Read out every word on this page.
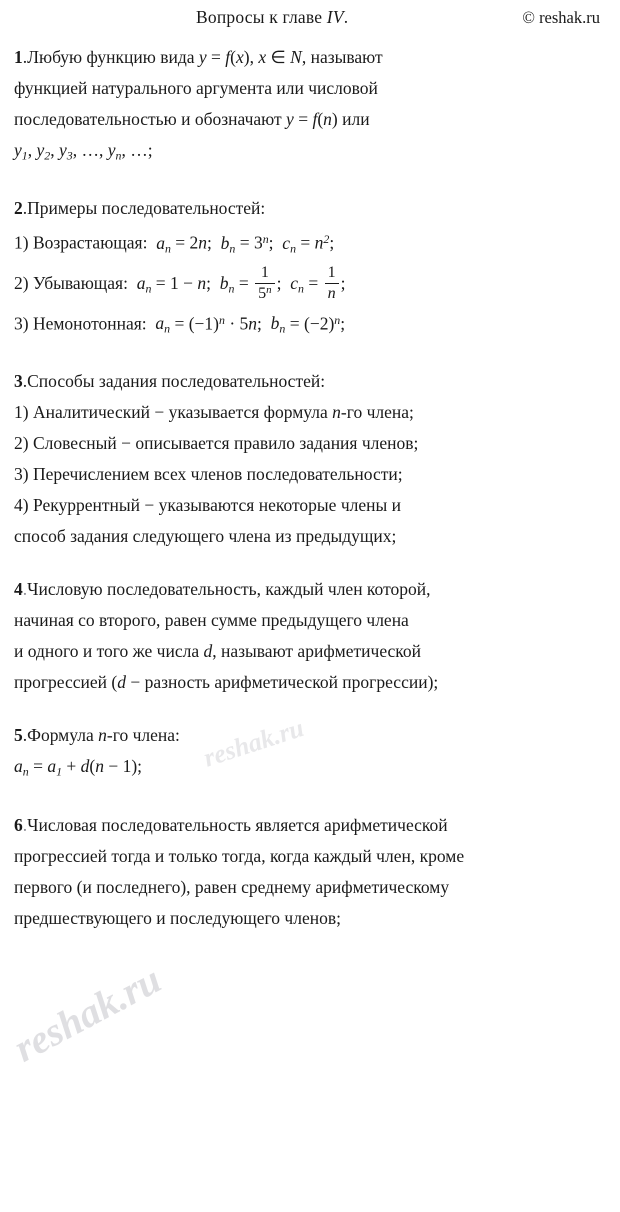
Вопросы к главе IV.	© reshak.ru
1.Любую функцию вида y = f(x), x ∈ N, называют
функцией натурального аргумента или числовой
последовательностью и обозначают y = f(n) или
$y_1$, $y_2$, $y_3$, …, $y_n$, …;
2.Примеры последовательностей:
1) Возрастающая: $a_n = 2n$;  $b_n = 3^n$;  $c_n = n^2$;
2) Убывающая: $a_n = 1 - n$;  $b_n = \frac{1}{5^n}$ ;  $c_n = \frac{1}{n}$ ;
3) Немонотонная: $a_n = (-1)^n \cdot 5n$;  $b_n = (-2)^n$;
3.Способы задания последовательностей:
1) Аналитический − указывается формула n-го члена;
2) Словесный − описывается правило задания членов;
3) Перечислением всех членов последовательности;
4) Рекуррентный − указываются некоторые члены и
способ задания следующего члена из предыдущих;
4.Числовую последовательность, каждый член которой,
начиная со второго, равен сумме предыдущего члена
и одного и того же числа d, называют арифметической
прогрессией (d − разность арифметической прогрессии);
5.Формула n-го члена:
$a_n = a_1 + d(n - 1)$;
6.Числовая последовательность является арифметической
прогрессией тогда и только тогда, когда каждый член, кроме
первого (и последнего), равен среднему арифметическому
предшествующего и последующего членов;
reshak.ru
reshak.ru
